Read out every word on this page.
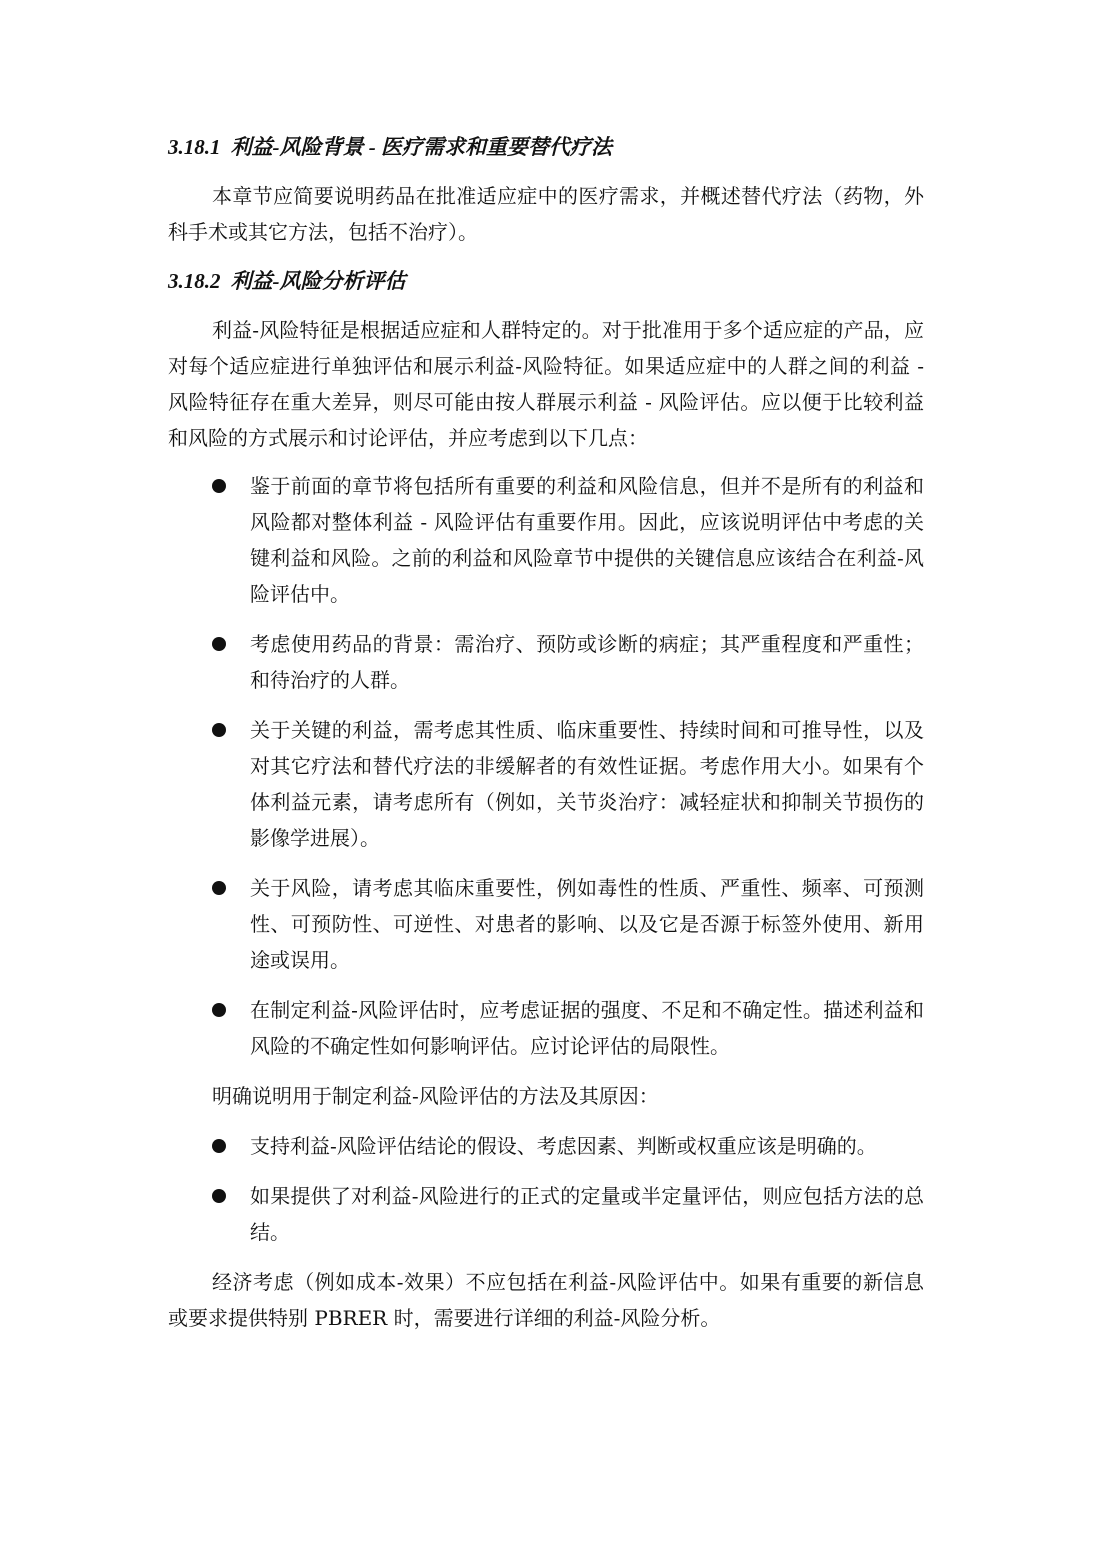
3.18.1 利益-风险背景 - 医疗需求和重要替代疗法

本章节应简要说明药品在批准适应症中的医疗需求，并概述替代疗法（药物，外科手术或其它方法，包括不治疗）。

3.18.2 利益-风险分析评估

利益-风险特征是根据适应症和人群特定的。对于批准用于多个适应症的产品，应对每个适应症进行单独评估和展示利益-风险特征。如果适应症中的人群之间的利益 - 风险特征存在重大差异，则尽可能由按人群展示利益 - 风险评估。应以便于比较利益和风险的方式展示和讨论评估，并应考虑到以下几点：

鉴于前面的章节将包括所有重要的利益和风险信息，但并不是所有的利益和风险都对整体利益 - 风险评估有重要作用。因此，应该说明评估中考虑的关键利益和风险。之前的利益和风险章节中提供的关键信息应该结合在利益-风险评估中。
考虑使用药品的背景：需治疗、预防或诊断的病症；其严重程度和严重性；和待治疗的人群。
关于关键的利益，需考虑其性质、临床重要性、持续时间和可推导性，以及对其它疗法和替代疗法的非缓解者的有效性证据。考虑作用大小。如果有个体利益元素，请考虑所有（例如，关节炎治疗：减轻症状和抑制关节损伤的影像学进展）。
关于风险，请考虑其临床重要性，例如毒性的性质、严重性、频率、可预测性、可预防性、可逆性、对患者的影响、以及它是否源于标签外使用、新用途或误用。
在制定利益-风险评估时，应考虑证据的强度、不足和不确定性。描述利益和风险的不确定性如何影响评估。应讨论评估的局限性。

明确说明用于制定利益-风险评估的方法及其原因：

支持利益-风险评估结论的假设、考虑因素、判断或权重应该是明确的。
如果提供了对利益-风险进行的正式的定量或半定量评估，则应包括方法的总结。

经济考虑（例如成本-效果）不应包括在利益-风险评估中。如果有重要的新信息或要求提供特别 PBRER 时，需要进行详细的利益-风险分析。
